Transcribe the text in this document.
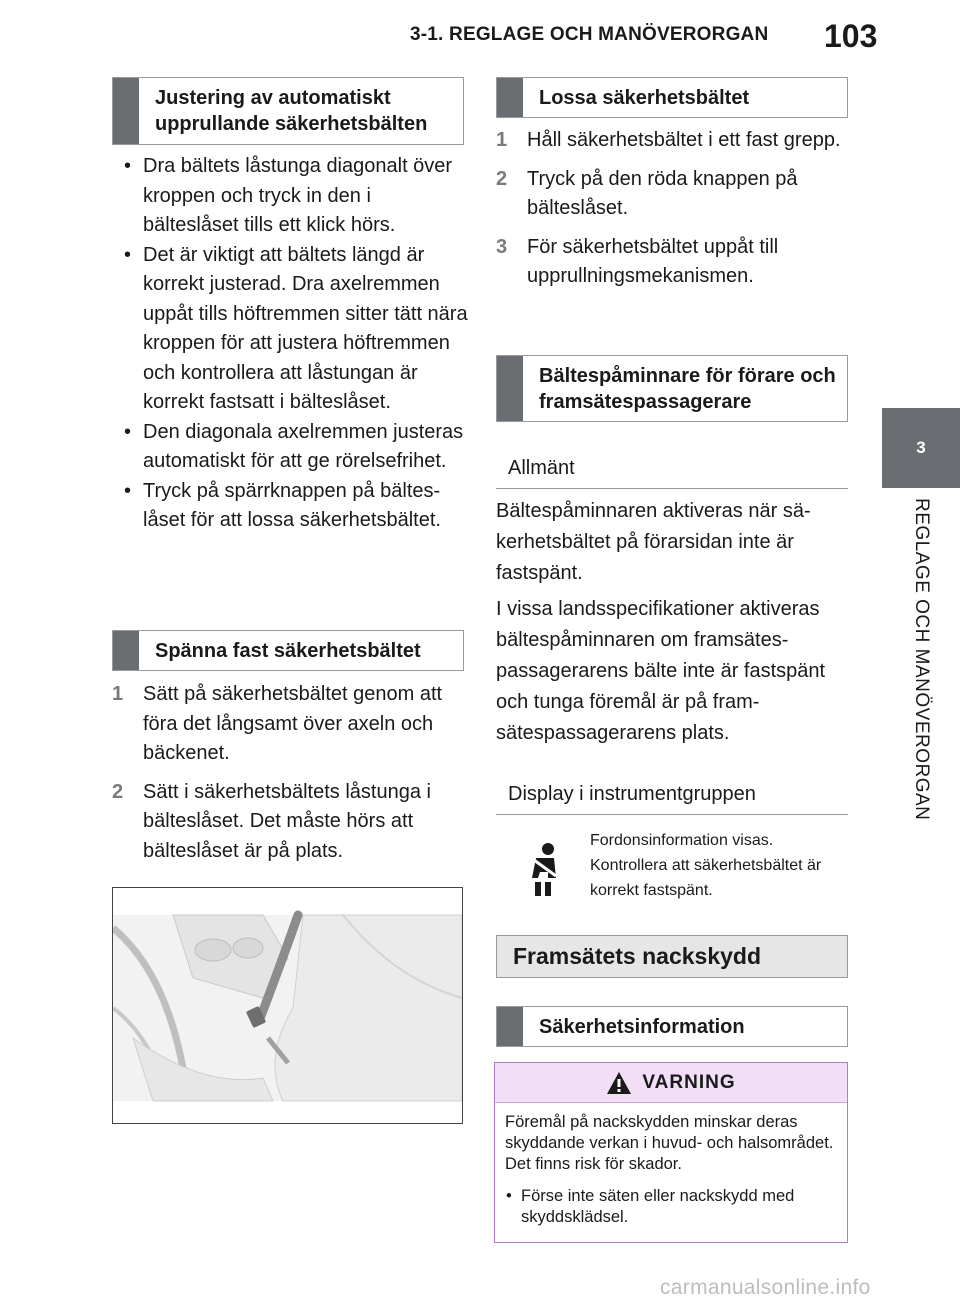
3-1. REGLAGE OCH MANÖVERORGAN 103
3
REGLAGE OCH MANÖVERORGAN
Justering av automatiskt upprullande säkerhetsbälten
• Dra bältets låstunga diagonalt över kroppen och tryck in den i bälteslåset tills ett klick hörs.
• Det är viktigt att bältets längd är korrekt justerad. Dra axelremmen uppåt tills höftremmen sitter tätt nära kroppen för att justera höftremmen och kontrollera att låstungan är korrekt fastsatt i bälteslåset.
• Den diagonala axelremmen justeras automatiskt för att ge rörelsefrihet.
• Tryck på spärrknappen på bälteslåset för att lossa säkerhetsbältet.
Spänna fast säkerhetsbältet
1 Sätt på säkerhetsbältet genom att föra det långsamt över axeln och bäckenet.
2 Sätt i säkerhetsbältets låstunga i bälteslåset. Det måste hörs att bälteslåset är på plats.
Lossa säkerhetsbältet
1 Håll säkerhetsbältet i ett fast grepp.
2 Tryck på den röda knappen på bälteslåset.
3 För säkerhetsbältet uppåt till upprullningsmekanismen.
Bältespåminnare för förare och framsätespassagerare
Allmänt
Bältespåminnaren aktiveras när säkerhetsbältet på förarsidan inte är fastspänt.
I vissa landsspecifikationer aktiveras bältespåminnaren om framsätespassagerarens bälte inte är fastspänt och tunga föremål är på framsätespassagerarens plats.
Display i instrumentgruppen
Fordonsinformation visas. Kontrollera att säkerhetsbältet är korrekt fastspänt.
Framsätets nackskydd
Säkerhetsinformation
VARNING
Föremål på nackskydden minskar deras skyddande verkan i huvud- och halsområdet. Det finns risk för skador.
• Förse inte säten eller nackskydd med skyddsklädsel.
carmanualsonline.info
